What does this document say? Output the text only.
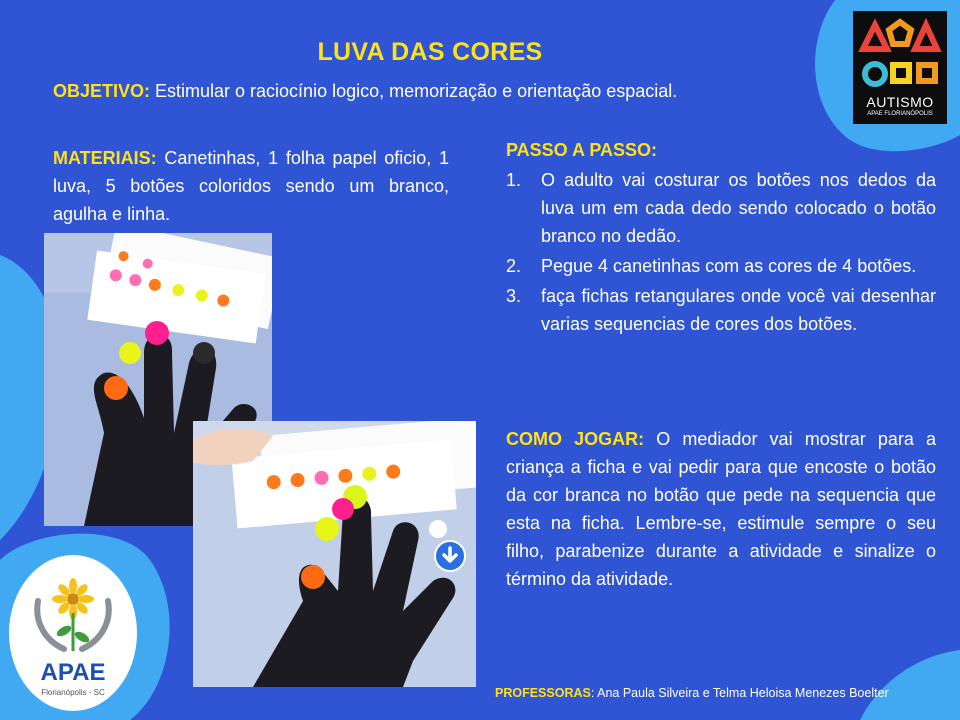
AUTISMO
APAE FLORIANÓPOLIS
LUVA DAS CORES
OBJETIVO: Estimular o raciocínio logico, memorização e orientação espacial.
MATERIAIS: Canetinhas, 1 folha papel oficio, 1 luva, 5 botões coloridos sendo um branco, agulha e linha.
PASSO A PASSO:
1. O adulto vai costurar os botões nos dedos da luva um em cada dedo sendo colocado o botão branco no dedão.
2. Pegue 4 canetinhas com as cores de 4 botões.
3. faça fichas retangulares onde você vai desenhar varias sequencias de cores dos botões.
COMO JOGAR: O mediador vai mostrar para a criança a ficha e vai pedir para que encoste o botão da cor branca no botão que pede na sequencia que esta na ficha. Lembre-se, estimule sempre o seu filho, parabenize durante a atividade e sinalize o término da atividade.
APAE
Florianópolis - SC	PROFESSORAS: Ana Paula Silveira e Telma Heloisa Menezes Boelter
